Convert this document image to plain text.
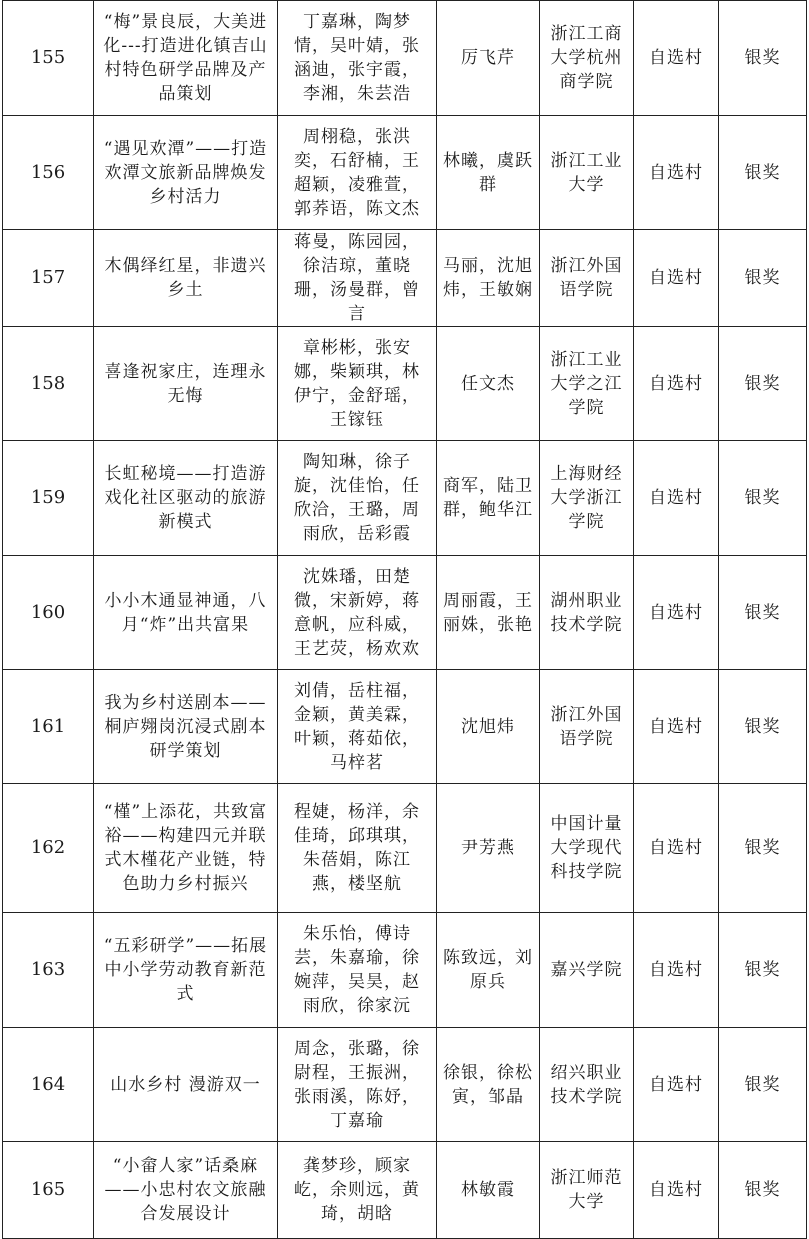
155	“梅”景良辰，大美进化---打造进化镇吉山村特色研学品牌及产品策划	丁嘉琳，陶梦情，吴叶婧，张涵迪，张宇霞，李湘，朱芸浩	厉飞芹	浙江工商大学杭州商学院	自选村	银奖
156	“遇见欢潭”——打造欢潭文旅新品牌焕发乡村活力	周栩稳，张洪奕，石舒楠，王超颖，凌雅萱，郭荞语，陈文杰	林曦，虞跃群	浙江工业大学	自选村	银奖
157	木偶绎红星，非遗兴乡土	蒋曼，陈园园，徐洁琼，董晓珊，汤曼群，曾言	马丽，沈旭炜，王敏娴	浙江外国语学院	自选村	银奖
158	喜逢祝家庄，连理永无悔	章彬彬，张安娜，柴颖琪，林伊宁，金舒瑶，王镓钰	任文杰	浙江工业大学之江学院	自选村	银奖
159	长虹秘境——打造游戏化社区驱动的旅游新模式	陶知琳，徐子旋，沈佳怡，任欣洽，王璐，周雨欣，岳彩霞	商军，陆卫群，鲍华江	上海财经大学浙江学院	自选村	银奖
160	小小木通显神通，八月“炸”出共富果	沈姝璠，田楚微，宋新婷，蒋意帆，应科威，王艺荧，杨欢欢	周丽霞，王丽姝，张艳	湖州职业技术学院	自选村	银奖
161	我为乡村送剧本——桐庐翙岗沉浸式剧本研学策划	刘倩，岳柱福，金颖，黄美霖，叶颖，蒋茹依，马梓茗	沈旭炜	浙江外国语学院	自选村	银奖
162	“槿”上添花，共致富裕——构建四元并联式木槿花产业链，特色助力乡村振兴	程婕，杨洋，余佳琦，邱琪琪，朱蓓娟，陈江燕，楼坚航	尹芳燕	中国计量大学现代科技学院	自选村	银奖
163	“五彩研学”——拓展中小学劳动教育新范式	朱乐怡，傅诗芸，朱嘉瑜，徐婉萍，吴昊，赵雨欣，徐家沅	陈致远，刘原兵	嘉兴学院	自选村	银奖
164	山水乡村 漫游双一	周念，张璐，徐尉程，王振洲，张雨溪，陈妤，丁嘉瑜	徐银，徐松寅，邹晶	绍兴职业技术学院	自选村	银奖
165	“小畲人家”话桑麻——小忠村农文旅融合发展设计	龚梦珍，顾家屹，余则远，黄琦，胡晗	林敏霞	浙江师范大学	自选村	银奖
